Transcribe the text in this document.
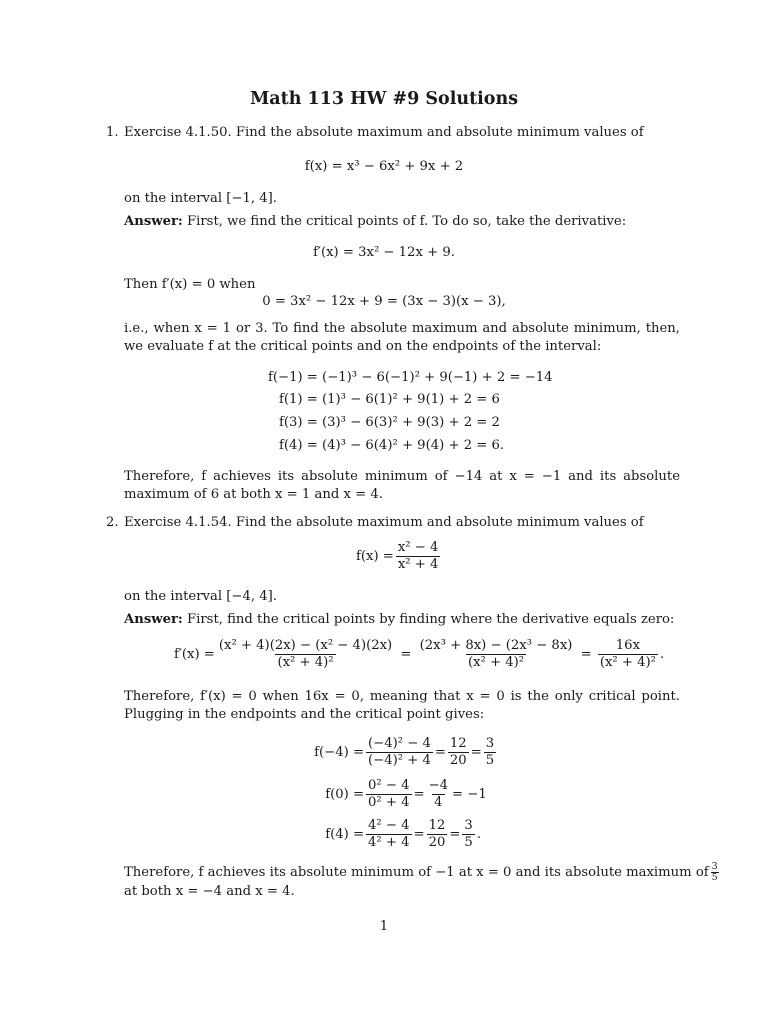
Math 113 HW #9 Solutions
1. Exercise 4.1.50. Find the absolute maximum and absolute minimum values of
f(x) = x³ − 6x² + 9x + 2
on the interval [−1, 4].
Answer: First, we find the critical points of f. To do so, take the derivative:
f′(x) = 3x² − 12x + 9.
Then f′(x) = 0 when
0 = 3x² − 12x + 9 = (3x − 3)(x − 3),
i.e., when x = 1 or 3. To find the absolute maximum and absolute minimum, then, we evaluate f at the critical points and on the endpoints of the interval:
f(−1) = (−1)³ − 6(−1)² + 9(−1) + 2 = −14
f(1) = (1)³ − 6(1)² + 9(1) + 2 = 6
f(3) = (3)³ − 6(3)² + 9(3) + 2 = 2
f(4) = (4)³ − 6(4)² + 9(4) + 2 = 6.
Therefore, f achieves its absolute minimum of −14 at x = −1 and its absolute maximum of 6 at both x = 1 and x = 4.
2. Exercise 4.1.54. Find the absolute maximum and absolute minimum values of
$f(x) = \frac{\text{x² − 4}}{\text{x² + 4}}$
on the interval [−4, 4].
Answer: First, find the critical points by finding where the derivative equals zero:
$f'(x) = \frac{\text{(x² + 4)(2x) − (x² − 4)(2x)}}{\text{(x² + 4)²}} = \frac{\text{(2x³ + 8x) − (2x³ − 8x)}}{\text{(x² + 4)²}} = \frac{16x}{\text{(x² + 4)²}}$ .
Therefore, f′(x) = 0 when 16x = 0, meaning that x = 0 is the only critical point. Plugging in the endpoints and the critical point gives:
$f(-4) = \frac{\text{(−4)² − 4}}{\text{(−4)² + 4}} = \frac{12}{20} = \frac{3}{5}$
$f(0) = \frac{\text{0² − 4}}{\text{0² + 4}} = \frac{-4}{4} = -1$
$f(4) = \frac{\text{4² − 4}}{\text{4² + 4}} = \frac{12}{20} = \frac{3}{5}$ .
Therefore, f achieves its absolute minimum of −1 at x = 0 and its absolute maximum of $\frac{3}{5}$
at both x = −4 and x = 4.
1
